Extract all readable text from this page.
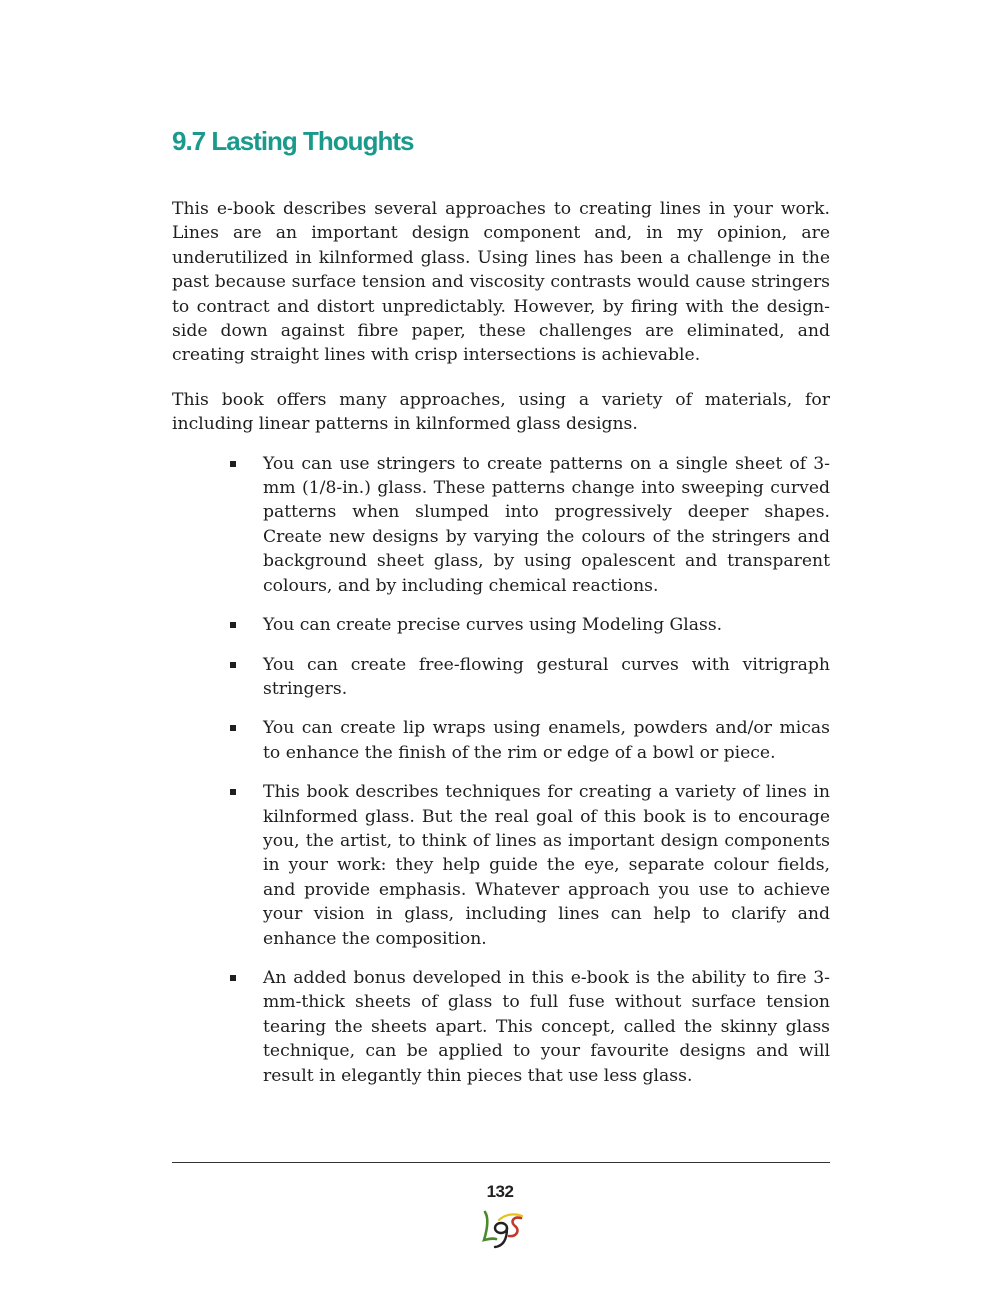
9.7 Lasting Thoughts

This e-book describes several approaches to creating lines in your work. Lines are an important design component and, in my opinion, are underutilized in kilnformed glass. Using lines has been a challenge in the past because surface tension and viscosity contrasts would cause stringers to contract and distort unpredictably. However, by firing with the design-side down against fibre paper, these challenges are eliminated, and creating straight lines with crisp intersections is achievable.

This book offers many approaches, using a variety of materials, for including linear patterns in kilnformed glass designs.

You can use stringers to create patterns on a single sheet of 3-mm (1/8-in.) glass. These patterns change into sweeping curved patterns when slumped into progressively deeper shapes. Create new designs by varying the colours of the stringers and background sheet glass, by using opalescent and transparent colours, and by including chemical reactions.
You can create precise curves using Modeling Glass.
You can create free-flowing gestural curves with vitrigraph stringers.
You can create lip wraps using enamels, powders and/or micas to enhance the finish of the rim or edge of a bowl or piece.
This book describes techniques for creating a variety of lines in kilnformed glass. But the real goal of this book is to encourage you, the artist, to think of lines as important design components in your work: they help guide the eye, separate colour fields, and provide emphasis. Whatever approach you use to achieve your vision in glass, including lines can help to clarify and enhance the composition.
An added bonus developed in this e-book is the ability to fire 3-mm-thick sheets of glass to full fuse without surface tension tearing the sheets apart. This concept, called the skinny glass technique, can be applied to your favourite designs and will result in elegantly thin pieces that use less glass.
132
